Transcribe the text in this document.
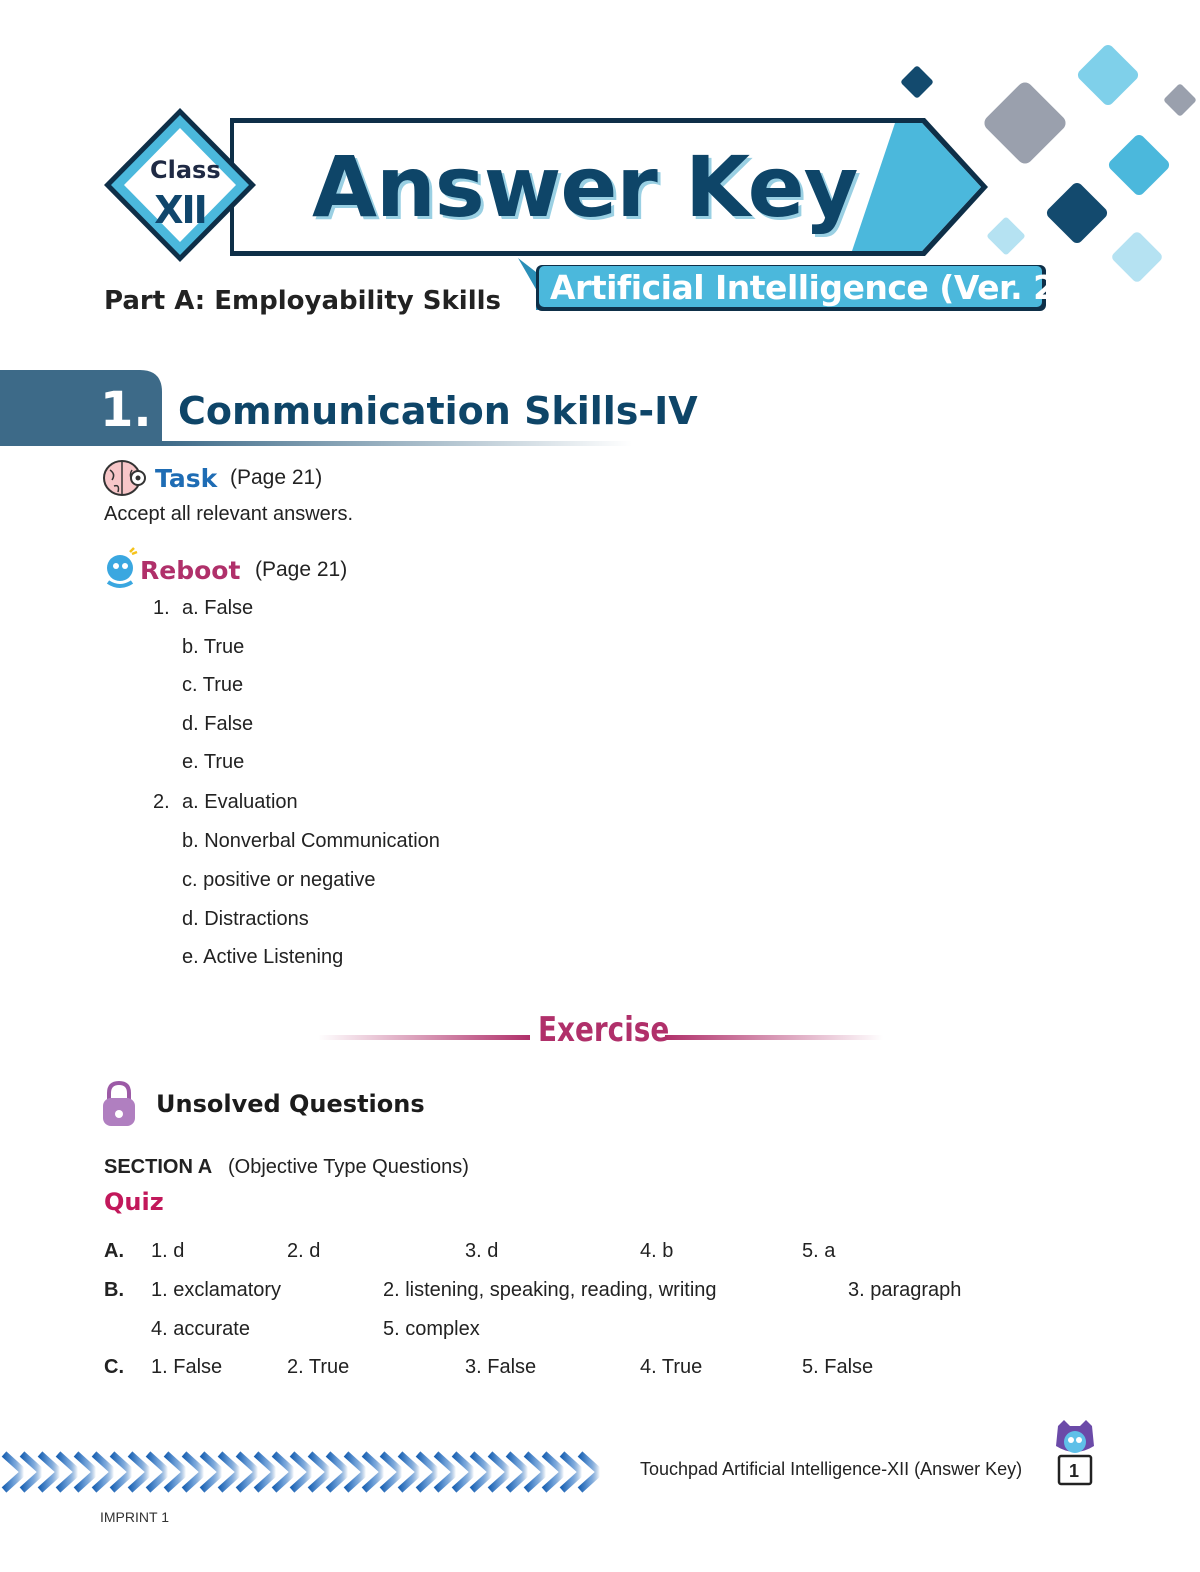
Class
XII Answer Key
Artificial Intelligence (Ver. 2.0)
Part A: Employability Skills
1. Communication Skills-IV
Task (Page 21)
Accept all relevant answers.
Reboot (Page 21)
1. a. False
b. True
c. True
d. False
e. True
2. a. Evaluation
b. Nonverbal Communication
c. positive or negative
d. Distractions
e. Active Listening
Exercise
Unsolved Questions
SECTION A (Objective Type Questions)
Quiz
A. 1. d	2. d	3. d	4. b	5. a
B. 1. exclamatory	2. listening, speaking, reading, writing	3. paragraph
4. accurate	5. complex
C. 1. False	2. True	3. False	4. True	5. False
Touchpad Artificial Intelligence-XII (Answer Key)	1
IMPRINT 1
